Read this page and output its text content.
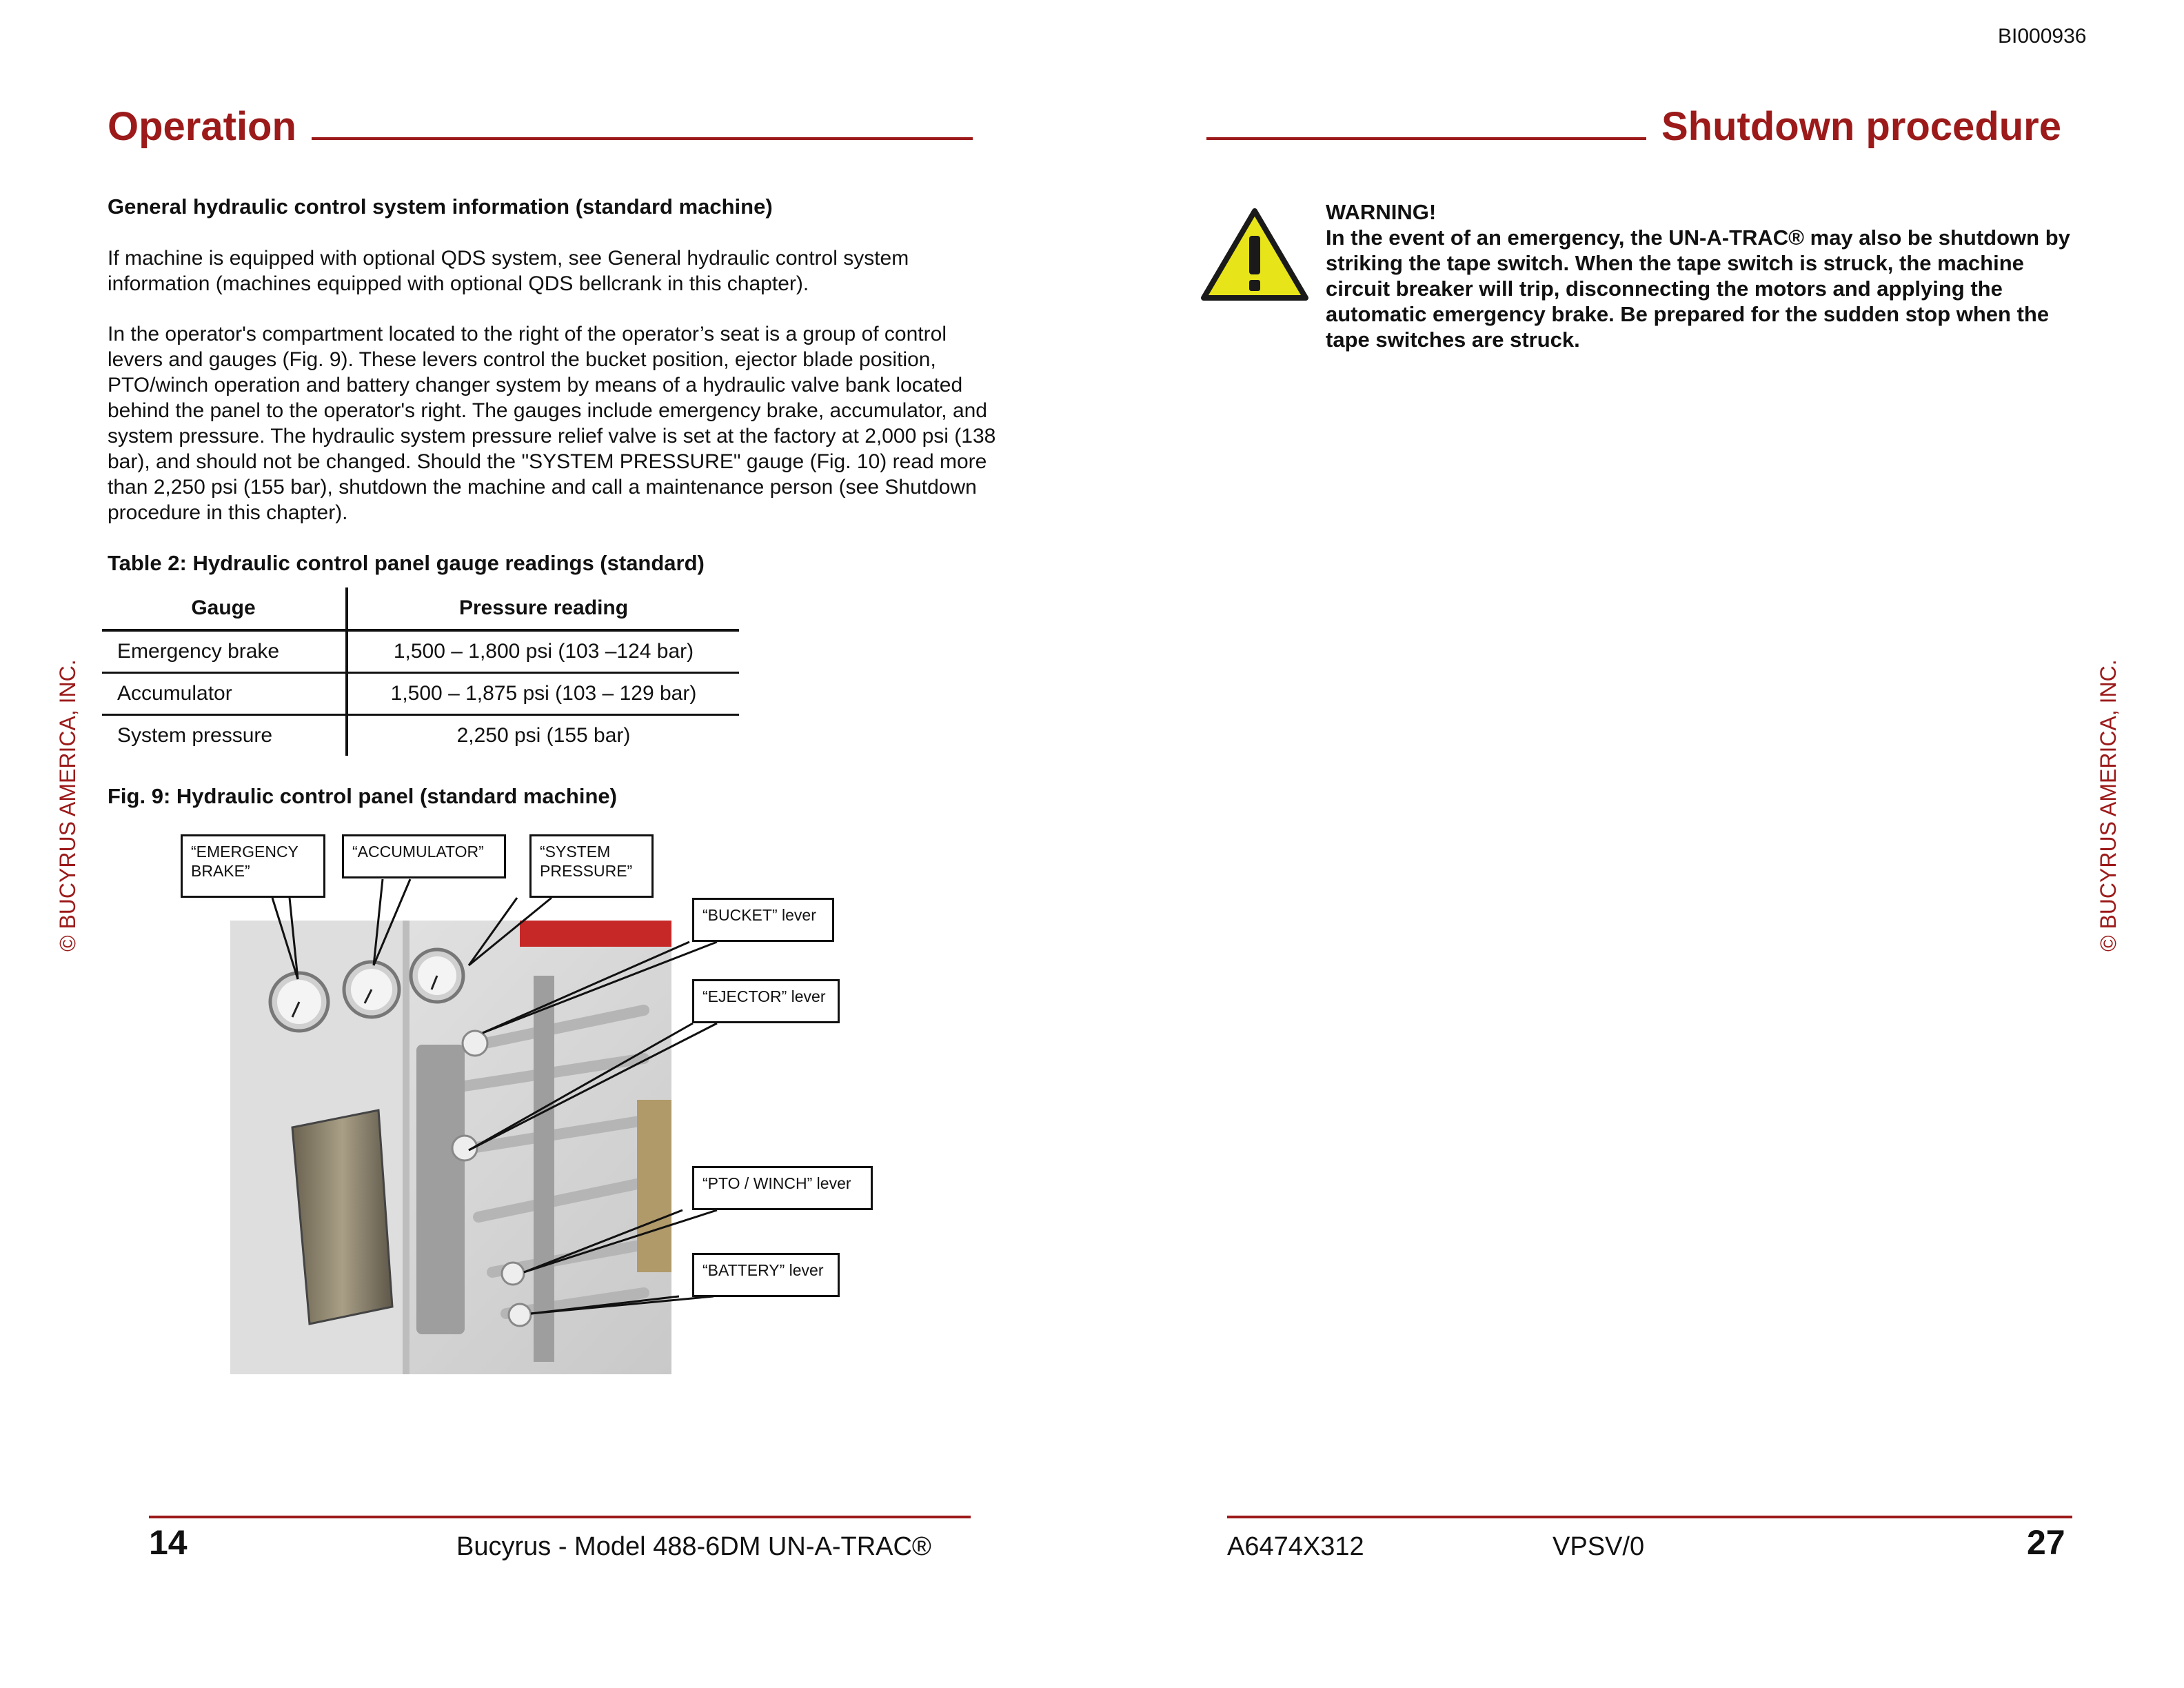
BI000936
Operation
General hydraulic control system information (standard machine)
If machine is equipped with optional QDS system, see General hydraulic control system information (machines equipped with optional QDS bellcrank in this chapter).
In the operator's compartment located to the right of the operator’s seat is a group of control levers and gauges (Fig. 9). These levers control the bucket position, ejector blade position, PTO/winch operation and battery changer system by means of a hydraulic valve bank located behind the panel to the operator's right. The gauges include emergency brake, accumulator, and system pressure. The hydraulic system pressure relief valve is set at the factory at 2,000 psi (138 bar), and should not be changed. Should the "SYSTEM PRESSURE" gauge (Fig. 10) read more than 2,250 psi (155 bar), shutdown the machine and call a maintenance person (see Shutdown procedure in this chapter).
Table 2: Hydraulic control panel gauge readings (standard)
Gauge	Pressure reading
Emergency brake	1,500 – 1,800 psi (103 –124 bar)
Accumulator	1,500 – 1,875 psi (103 – 129 bar)
System pressure	2,250 psi (155 bar)
Fig. 9: Hydraulic control panel (standard machine)
“EMERGENCY BRAKE”
“ACCUMULATOR”	“SYSTEM PRESSURE”
“BUCKET” lever
“EJECTOR” lever
“PTO / WINCH” lever
“BATTERY” lever
© BUCYRUS AMERICA, INC.
14	Bucyrus - Model 488-6DM UN-A-TRAC®
Shutdown procedure
WARNING!
In the event of an emergency, the UN-A-TRAC® may also be shutdown by striking the tape switch. When the tape switch is struck, the machine circuit breaker will trip, disconnecting the motors and applying the automatic emergency brake. Be prepared for the sudden stop when the tape switches are struck.
© BUCYRUS AMERICA, INC.
A6474X312	VPSV/0	27
